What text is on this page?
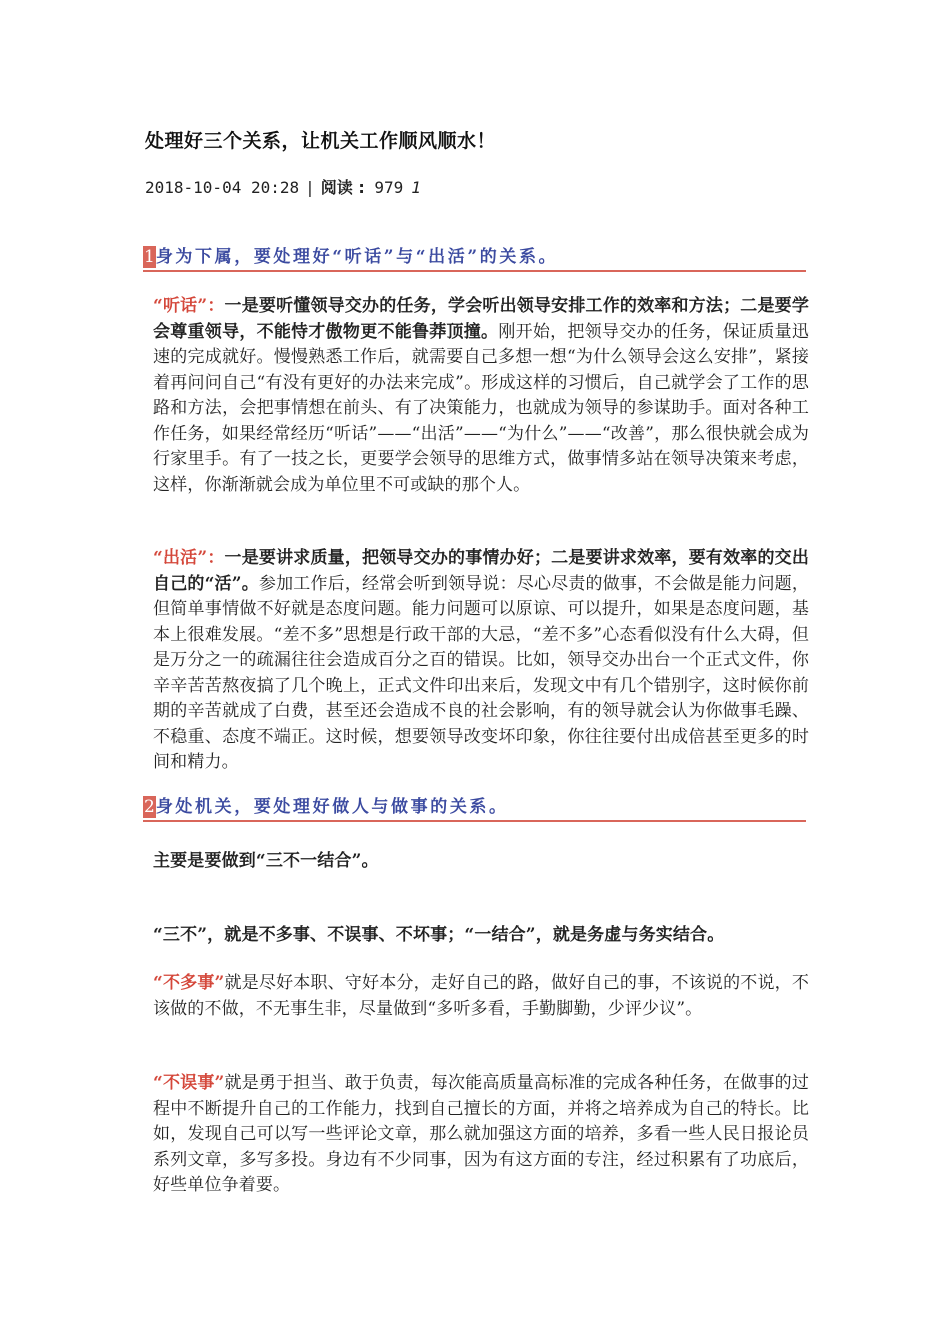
处理好三个关系，让机关工作顺风顺水！
2018-10-04 20:28 | 阅读 : 979 1
1身为下属，要处理好“听话”与“出活”的关系。
“听话”：一是要听懂领导交办的任务，学会听出领导安排工作的效率和方法；二是要学会尊重领导，不能恃才傲物更不能鲁莽顶撞。刚开始，把领导交办的任务，保证质量迅速的完成就好。慢慢熟悉工作后，就需要自己多想一想“为什么领导会这么安排”，紧接着再问问自己“有没有更好的办法来完成”。形成这样的习惯后，自己就学会了工作的思路和方法，会把事情想在前头、有了决策能力，也就成为领导的参谋助手。面对各种工作任务，如果经常经历“听话”——“出活”——“为什么”——“改善”，那么很快就会成为行家里手。有了一技之长，更要学会领导的思维方式，做事情多站在领导决策来考虑，这样，你渐渐就会成为单位里不可或缺的那个人。
“出活”：一是要讲求质量，把领导交办的事情办好；二是要讲求效率，要有效率的交出自己的“活”。参加工作后，经常会听到领导说：尽心尽责的做事，不会做是能力问题，但简单事情做不好就是态度问题。能力问题可以原谅、可以提升，如果是态度问题，基本上很难发展。“差不多”思想是行政干部的大忌，“差不多”心态看似没有什么大碍，但是万分之一的疏漏往往会造成百分之百的错误。比如，领导交办出台一个正式文件，你辛辛苦苦熬夜搞了几个晚上，正式文件印出来后，发现文中有几个错别字，这时候你前期的辛苦就成了白费，甚至还会造成不良的社会影响，有的领导就会认为你做事毛躁、不稳重、态度不端正。这时候，想要领导改变坏印象，你往往要付出成倍甚至更多的时间和精力。
2身处机关，要处理好做人与做事的关系。
主要是要做到“三不一结合”。
“三不”，就是不多事、不误事、不坏事；“一结合”，就是务虚与务实结合。
“不多事”就是尽好本职、守好本分，走好自己的路，做好自己的事，不该说的不说，不该做的不做，不无事生非，尽量做到“多听多看，手勤脚勤，少评少议”。
“不误事”就是勇于担当、敢于负责，每次能高质量高标准的完成各种任务，在做事的过程中不断提升自己的工作能力，找到自己擅长的方面，并将之培养成为自己的特长。比如，发现自己可以写一些评论文章，那么就加强这方面的培养，多看一些人民日报论员系列文章，多写多投。身边有不少同事，因为有这方面的专注，经过积累有了功底后，好些单位争着要。
